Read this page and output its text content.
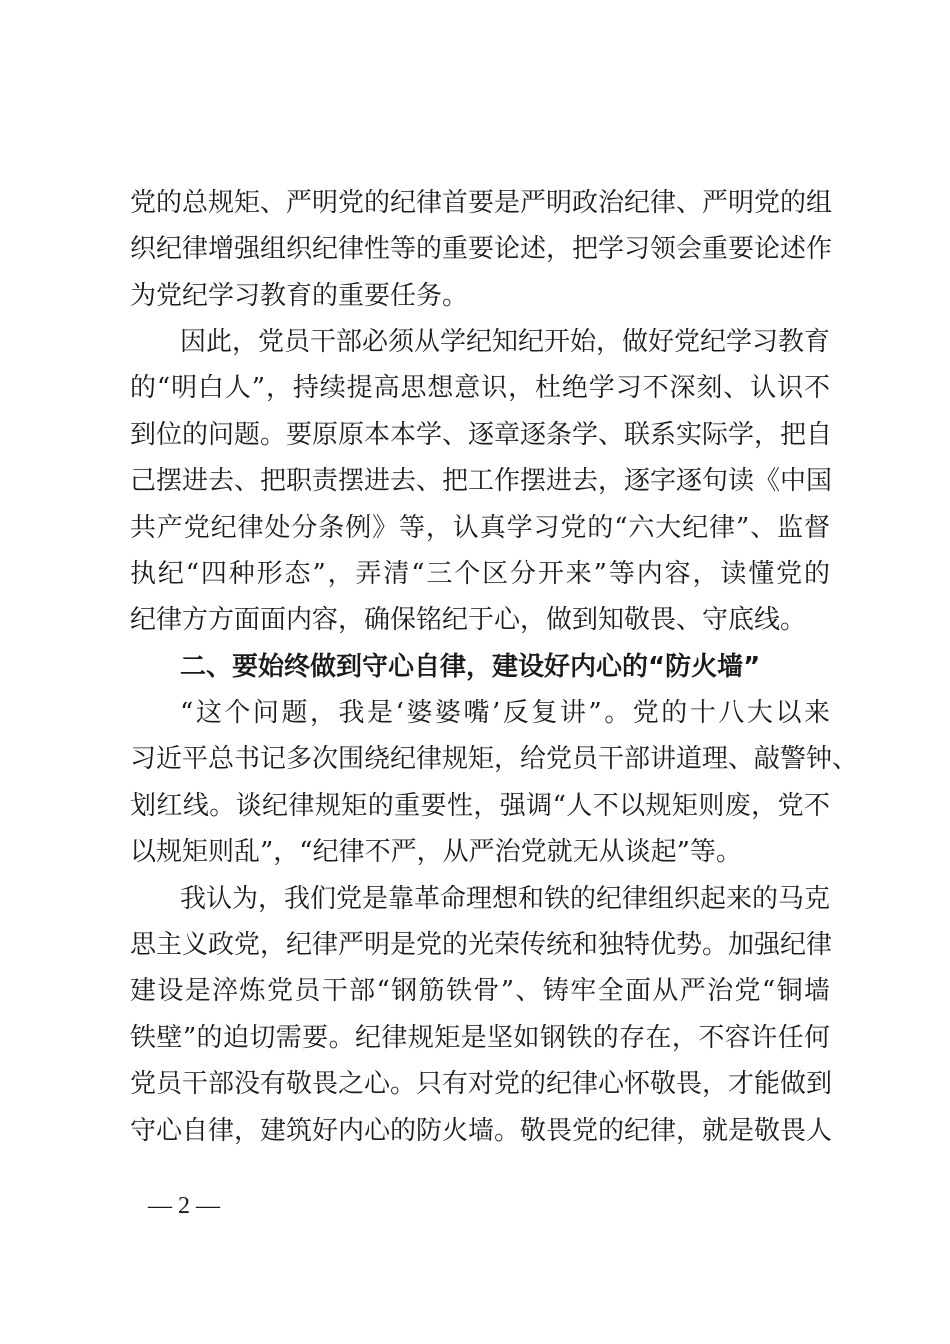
党的总规矩、严明党的纪律首要是严明政治纪律、严明党的组
织纪律增强组织纪律性等的重要论述，把学习领会重要论述作
为党纪学习教育的重要任务。
因此，党员干部必须从学纪知纪开始，做好党纪学习教育
的“明白人”，持续提高思想意识，杜绝学习不深刻、认识不
到位的问题。要原原本本学、逐章逐条学、联系实际学，把自
己摆进去、把职责摆进去、把工作摆进去，逐字逐句读《中国
共产党纪律处分条例》等，认真学习党的“六大纪律”、监督
执纪“四种形态”，弄清“三个区分开来”等内容，读懂党的
纪律方方面面内容，确保铭纪于心，做到知敬畏、守底线。
二、要始终做到守心自律，建设好内心的“防火墙”
“这个问题，我是‘婆婆嘴’反复讲”。党的十八大以来
习近平总书记多次围绕纪律规矩，给党员干部讲道理、敲警钟、
划红线。谈纪律规矩的重要性，强调“人不以规矩则废，党不
以规矩则乱”，“纪律不严，从严治党就无从谈起”等。
我认为，我们党是靠革命理想和铁的纪律组织起来的马克
思主义政党，纪律严明是党的光荣传统和独特优势。加强纪律
建设是淬炼党员干部“钢筋铁骨”、铸牢全面从严治党“铜墙
铁壁”的迫切需要。纪律规矩是坚如钢铁的存在，不容许任何
党员干部没有敬畏之心。只有对党的纪律心怀敬畏，才能做到
守心自律，建筑好内心的防火墙。敬畏党的纪律，就是敬畏人
— 2 —
